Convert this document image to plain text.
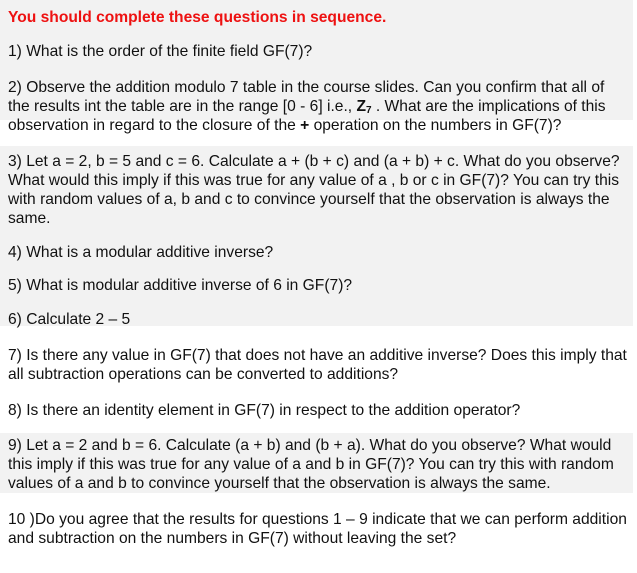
You should complete these questions in sequence.
1) What is the order of the finite field GF(7)?
2) Observe the addition modulo 7 table in the course slides. Can you confirm that all of the results int the table are in the range [0 - 6] i.e., $Z_7$ . What are the implications of this observation in regard to the closure of the + operation on the numbers in GF(7)?
3) Let a = 2, b = 5 and c = 6. Calculate a + (b + c) and (a + b) + c. What do you observe? What would this imply if this was true for any value of a , b or c in GF(7)? You can try this with random values of a, b and c to convince yourself that the observation is always the same.
4) What is a modular additive inverse?
5) What is modular additive inverse of 6 in GF(7)?
6) Calculate 2 – 5
7) Is there any value in GF(7) that does not have an additive inverse? Does this imply that all subtraction operations can be converted to additions?
8) Is there an identity element in GF(7) in respect to the addition operator?
9) Let a = 2 and b = 6. Calculate (a + b) and (b + a). What do you observe? What would this imply if this was true for any value of a and b in GF(7)? You can try this with random values of a and b to convince yourself that the observation is always the same.
10 )Do you agree that the results for questions 1 – 9 indicate that we can perform addition and subtraction on the numbers in GF(7) without leaving the set?
